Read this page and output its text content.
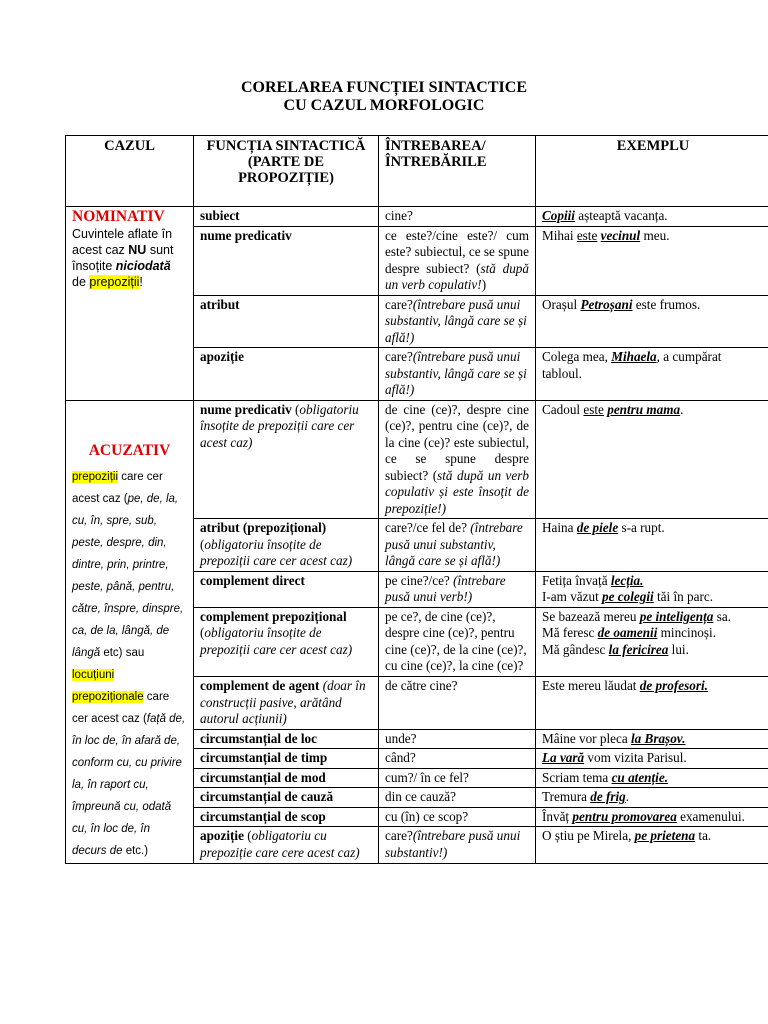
CORELAREA FUNCȚIEI SINTACTICE
CU CAZUL MORFOLOGIC
CAZUL	FUNCȚIA SINTACTICĂ (PARTE DE PROPOZIȚIE)	ÎNTREBAREA/ ÎNTREBĂRILE	EXEMPLU

NOMINATIV
Cuvintele aflate în acest caz NU sunt însoțite niciodată de prepoziții!	subiect	cine?	Copiii așteaptă vacanța.
	nume predicativ	ce este?/cine este?/ cum este? subiectul, ce se spune despre subiect? (stă după un verb copulativ!)	Mihai este vecinul meu.
	atribut	care?(întrebare pusă unui substantiv, lângă care se și află!)	Orașul Petroșani este frumos.
	apoziție	care?(întrebare pusă unui substantiv, lângă care se și află!)	Colega mea, Mihaela, a cumpărat tabloul.

ACUZATIV
prepoziții care cer acest caz (pe, de, la, cu, în, spre, sub, peste, despre, din, dintre, prin, printre, peste, până, pentru, către, înspre, dinspre, ca, de la, lângă, de lângă etc) sau locuțiuni prepoziționale care cer acest caz (față de, în loc de, în afară de, conform cu, cu privire la, în raport cu, împreună cu, odată cu, în loc de, în decurs de etc.)	nume predicativ (obligatoriu însoțite de prepoziții care cer acest caz)	de cine (ce)?, despre cine (ce)?, pentru cine (ce)?, de la cine (ce)? este subiectul, ce se spune despre subiect? (stă după un verb copulativ și este însoțit de prepoziție!)	Cadoul este pentru mama.
	atribut (prepozițional) (obligatoriu însoțite de prepoziții care cer acest caz)	care?/ce fel de? (întrebare pusă unui substantiv, lângă care se și află!)	Haina de piele s-a rupt.
	complement direct	pe cine?/ce? (întrebare pusă unui verb!)	Fetița învață lecția.
I-am văzut pe colegii tăi în parc.
	complement prepozițional (obligatoriu însoțite de prepoziții care cer acest caz)	pe ce?, de cine (ce)?, despre cine (ce)?, pentru cine (ce)?, de la cine (ce)?, cu cine (ce)?, la cine (ce)?	Se bazează mereu pe inteligența sa.
Mă feresc de oamenii mincinoși.
Mă gândesc la fericirea lui.
	complement de agent (doar în construcții pasive, arătând autorul acțiunii)	de către cine?	Este mereu lăudat de profesori.
	circumstanțial de loc	unde?	Mâine vor pleca la Brașov.
	circumstanțial de timp	când?	La vară vom vizita Parisul.
	circumstanțial de mod	cum?/ în ce fel?	Scriam tema cu atenție.
	circumstanțial de cauză	din ce cauză?	Tremura de frig.
	circumstanțial de scop	cu (în) ce scop?	Învăț pentru promovarea examenului.
	apoziție (obligatoriu cu prepoziție care cere acest caz)	care?(întrebare pusă unui substantiv!)	O știu pe Mirela, pe prietena ta.
